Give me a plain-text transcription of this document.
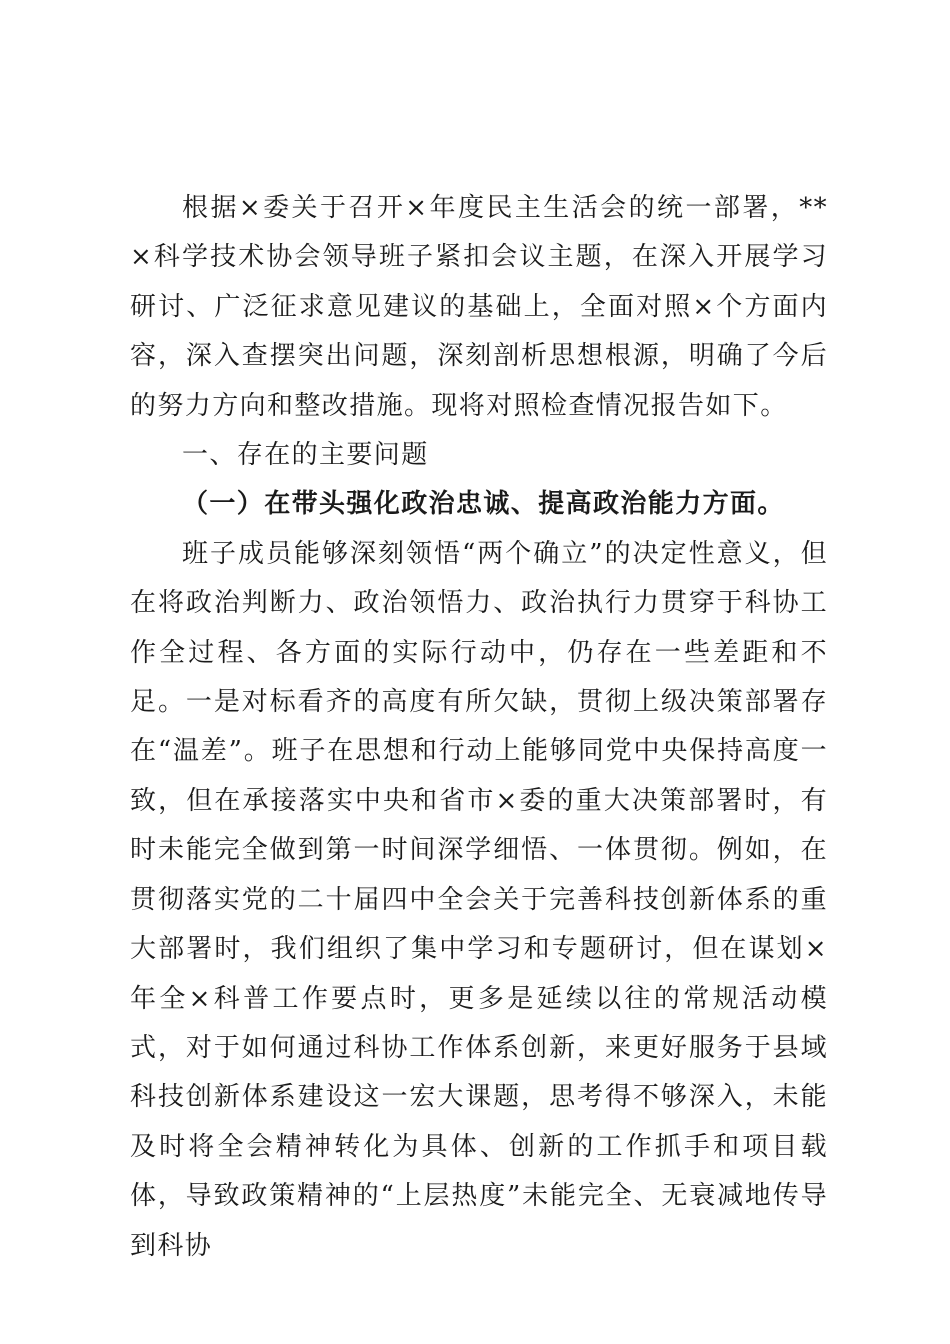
根据×委关于召开×年度民主生活会的统一部署，**×科学技术协会领导班子紧扣会议主题，在深入开展学习研讨、广泛征求意见建议的基础上，全面对照×个方面内容，深入查摆突出问题，深刻剖析思想根源，明确了今后的努力方向和整改措施。现将对照检查情况报告如下。

一、存在的主要问题

（一）在带头强化政治忠诚、提高政治能力方面。

班子成员能够深刻领悟“两个确立”的决定性意义，但在将政治判断力、政治领悟力、政治执行力贯穿于科协工作全过程、各方面的实际行动中，仍存在一些差距和不足。一是对标看齐的高度有所欠缺，贯彻上级决策部署存在“温差”。班子在思想和行动上能够同党中央保持高度一致，但在承接落实中央和省市×委的重大决策部署时，有时未能完全做到第一时间深学细悟、一体贯彻。例如，在贯彻落实党的二十届四中全会关于完善科技创新体系的重大部署时，我们组织了集中学习和专题研讨，但在谋划×年全×科普工作要点时，更多是延续以往的常规活动模式，对于如何通过科协工作体系创新，来更好服务于县域科技创新体系建设这一宏大课题，思考得不够深入，未能及时将全会精神转化为具体、创新的工作抓手和项目载体，导致政策精神的“上层热度”未能完全、无衰减地传导到科协
